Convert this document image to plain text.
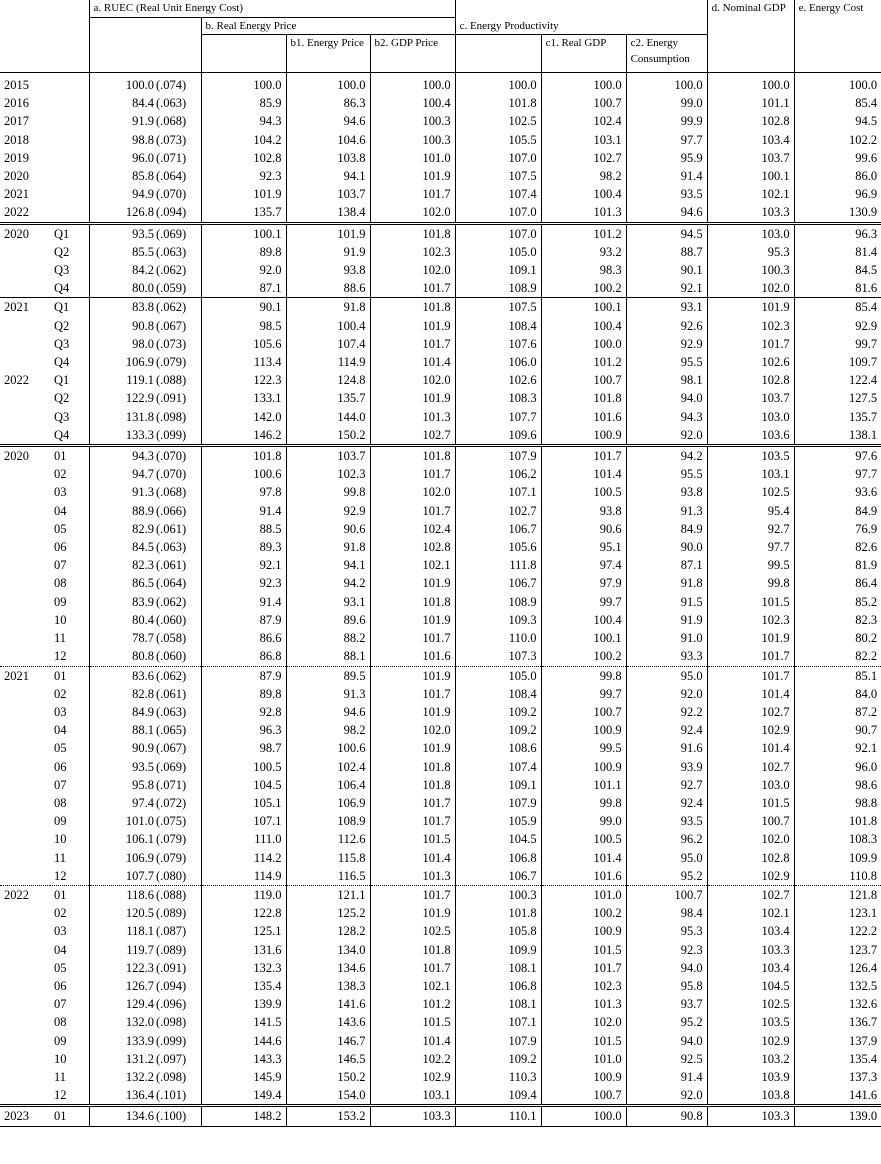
		a. RUEC (Real Unit Energy Cost)								d. Nominal GDP	e. Energy Cost
				b. Real Energy Price			c. Energy Productivity				
					b1. Energy Price	b2. GDP Price		c1. Real GDP	c2. Energy Consumption		
2015		100.0	(.074)	100.0	100.0	100.0	100.0	100.0	100.0	100.0	100.0
2016		84.4	(.063)	85.9	86.3	100.4	101.8	100.7	99.0	101.1	85.4
2017		91.9	(.068)	94.3	94.6	100.3	102.5	102.4	99.9	102.8	94.5
2018		98.8	(.073)	104.2	104.6	100.3	105.5	103.1	97.7	103.4	102.2
2019		96.0	(.071)	102.8	103.8	101.0	107.0	102.7	95.9	103.7	99.6
2020		85.8	(.064)	92.3	94.1	101.9	107.5	98.2	91.4	100.1	86.0
2021		94.9	(.070)	101.9	103.7	101.7	107.4	100.4	93.5	102.1	96.9
2022		126.8	(.094)	135.7	138.4	102.0	107.0	101.3	94.6	103.3	130.9
2020	Q1	93.5	(.069)	100.1	101.9	101.8	107.0	101.2	94.5	103.0	96.3
	Q2	85.5	(.063)	89.8	91.9	102.3	105.0	93.2	88.7	95.3	81.4
	Q3	84.2	(.062)	92.0	93.8	102.0	109.1	98.3	90.1	100.3	84.5
	Q4	80.0	(.059)	87.1	88.6	101.7	108.9	100.2	92.1	102.0	81.6
2021	Q1	83.8	(.062)	90.1	91.8	101.8	107.5	100.1	93.1	101.9	85.4
	Q2	90.8	(.067)	98.5	100.4	101.9	108.4	100.4	92.6	102.3	92.9
	Q3	98.0	(.073)	105.6	107.4	101.7	107.6	100.0	92.9	101.7	99.7
	Q4	106.9	(.079)	113.4	114.9	101.4	106.0	101.2	95.5	102.6	109.7
2022	Q1	119.1	(.088)	122.3	124.8	102.0	102.6	100.7	98.1	102.8	122.4
	Q2	122.9	(.091)	133.1	135.7	101.9	108.3	101.8	94.0	103.7	127.5
	Q3	131.8	(.098)	142.0	144.0	101.3	107.7	101.6	94.3	103.0	135.7
	Q4	133.3	(.099)	146.2	150.2	102.7	109.6	100.9	92.0	103.6	138.1
2020	01	94.3	(.070)	101.8	103.7	101.8	107.9	101.7	94.2	103.5	97.6
	02	94.7	(.070)	100.6	102.3	101.7	106.2	101.4	95.5	103.1	97.7
	03	91.3	(.068)	97.8	99.8	102.0	107.1	100.5	93.8	102.5	93.6
	04	88.9	(.066)	91.4	92.9	101.7	102.7	93.8	91.3	95.4	84.9
	05	82.9	(.061)	88.5	90.6	102.4	106.7	90.6	84.9	92.7	76.9
	06	84.5	(.063)	89.3	91.8	102.8	105.6	95.1	90.0	97.7	82.6
	07	82.3	(.061)	92.1	94.1	102.1	111.8	97.4	87.1	99.5	81.9
	08	86.5	(.064)	92.3	94.2	101.9	106.7	97.9	91.8	99.8	86.4
	09	83.9	(.062)	91.4	93.1	101.8	108.9	99.7	91.5	101.5	85.2
	10	80.4	(.060)	87.9	89.6	101.9	109.3	100.4	91.9	102.3	82.3
	11	78.7	(.058)	86.6	88.2	101.7	110.0	100.1	91.0	101.9	80.2
	12	80.8	(.060)	86.8	88.1	101.6	107.3	100.2	93.3	101.7	82.2
2021	01	83.6	(.062)	87.9	89.5	101.9	105.0	99.8	95.0	101.7	85.1
	02	82.8	(.061)	89.8	91.3	101.7	108.4	99.7	92.0	101.4	84.0
	03	84.9	(.063)	92.8	94.6	101.9	109.2	100.7	92.2	102.7	87.2
	04	88.1	(.065)	96.3	98.2	102.0	109.2	100.9	92.4	102.9	90.7
	05	90.9	(.067)	98.7	100.6	101.9	108.6	99.5	91.6	101.4	92.1
	06	93.5	(.069)	100.5	102.4	101.8	107.4	100.9	93.9	102.7	96.0
	07	95.8	(.071)	104.5	106.4	101.8	109.1	101.1	92.7	103.0	98.6
	08	97.4	(.072)	105.1	106.9	101.7	107.9	99.8	92.4	101.5	98.8
	09	101.0	(.075)	107.1	108.9	101.7	105.9	99.0	93.5	100.7	101.8
	10	106.1	(.079)	111.0	112.6	101.5	104.5	100.5	96.2	102.0	108.3
	11	106.9	(.079)	114.2	115.8	101.4	106.8	101.4	95.0	102.8	109.9
	12	107.7	(.080)	114.9	116.5	101.3	106.7	101.6	95.2	102.9	110.8
2022	01	118.6	(.088)	119.0	121.1	101.7	100.3	101.0	100.7	102.7	121.8
	02	120.5	(.089)	122.8	125.2	101.9	101.8	100.2	98.4	102.1	123.1
	03	118.1	(.087)	125.1	128.2	102.5	105.8	100.9	95.3	103.4	122.2
	04	119.7	(.089)	131.6	134.0	101.8	109.9	101.5	92.3	103.3	123.7
	05	122.3	(.091)	132.3	134.6	101.7	108.1	101.7	94.0	103.4	126.4
	06	126.7	(.094)	135.4	138.3	102.1	106.8	102.3	95.8	104.5	132.5
	07	129.4	(.096)	139.9	141.6	101.2	108.1	101.3	93.7	102.5	132.6
	08	132.0	(.098)	141.5	143.6	101.5	107.1	102.0	95.2	103.5	136.7
	09	133.9	(.099)	144.6	146.7	101.4	107.9	101.5	94.0	102.9	137.9
	10	131.2	(.097)	143.3	146.5	102.2	109.2	101.0	92.5	103.2	135.4
	11	132.2	(.098)	145.9	150.2	102.9	110.3	100.9	91.4	103.9	137.3
	12	136.4	(.101)	149.4	154.0	103.1	109.4	100.7	92.0	103.8	141.6
2023	01	134.6	(.100)	148.2	153.2	103.3	110.1	100.0	90.8	103.3	139.0
